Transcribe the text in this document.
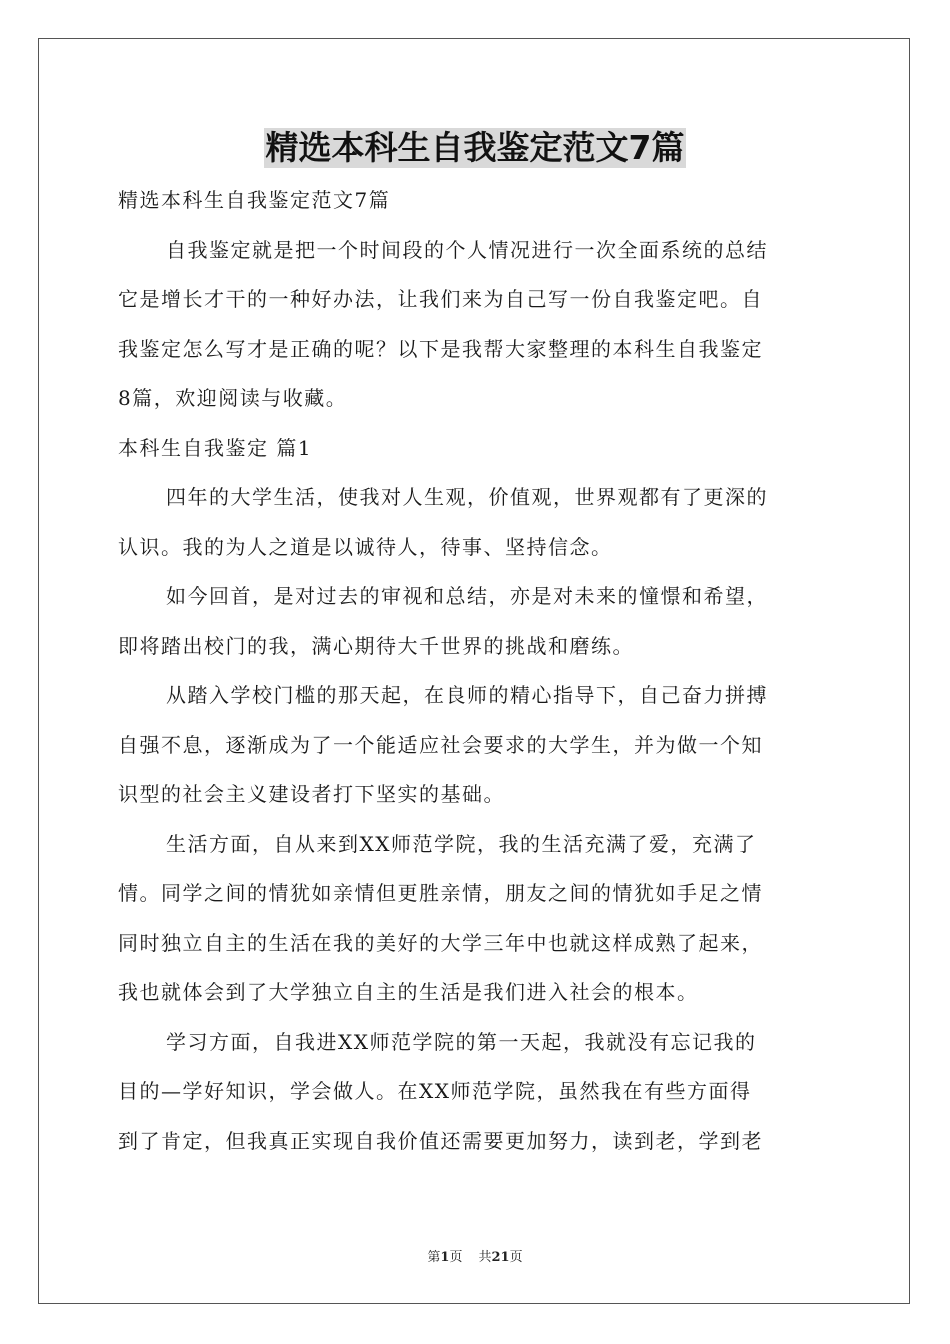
精选本科生自我鉴定范文7篇
精选本科生自我鉴定范文7篇
自我鉴定就是把一个时间段的个人情况进行一次全面系统的总结
它是增长才干的一种好办法，让我们来为自己写一份自我鉴定吧。自
我鉴定怎么写才是正确的呢？以下是我帮大家整理的本科生自我鉴定
8篇，欢迎阅读与收藏。
本科生自我鉴定 篇1
四年的大学生活，使我对人生观，价值观，世界观都有了更深的
认识。我的为人之道是以诚待人，待事、坚持信念。
如今回首，是对过去的审视和总结，亦是对未来的憧憬和希望，
即将踏出校门的我，满心期待大千世界的挑战和磨练。
从踏入学校门槛的那天起，在良师的精心指导下，自己奋力拼搏
自强不息，逐渐成为了一个能适应社会要求的大学生，并为做一个知
识型的社会主义建设者打下坚实的基础。
生活方面，自从来到XX师范学院，我的生活充满了爱，充满了
情。同学之间的情犹如亲情但更胜亲情，朋友之间的情犹如手足之情
同时独立自主的生活在我的美好的大学三年中也就这样成熟了起来，
我也就体会到了大学独立自主的生活是我们进入社会的根本。
学习方面，自我进XX师范学院的第一天起，我就没有忘记我的
目的—学好知识，学会做人。在XX师范学院，虽然我在有些方面得
到了肯定，但我真正实现自我价值还需要更加努力，读到老，学到老
第1页 共21页
